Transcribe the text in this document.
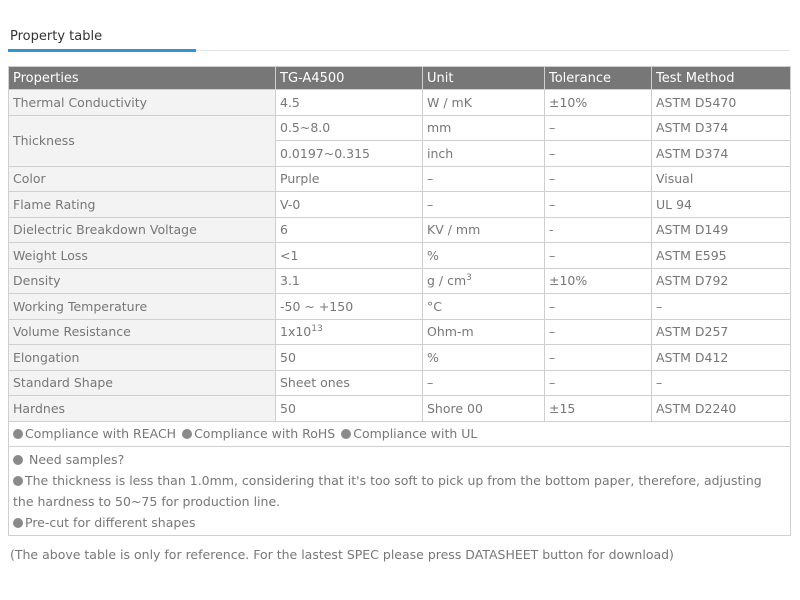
Property table
Properties	TG-A4500	Unit	Tolerance	Test Method
Thermal Conductivity	4.5	W / mK	±10%	ASTM D5470
Thickness	0.5~8.0	mm	–	ASTM D374
	0.0197~0.315	inch	–	ASTM D374
Color	Purple	–	–	Visual
Flame Rating	V-0	–	–	UL 94
Dielectric Breakdown Voltage	6	KV / mm	-	ASTM D149
Weight Loss	<1	%	–	ASTM E595
Density	3.1	g / $cm^3$	±10%	ASTM D792
Working Temperature	-50 ~ +150	°C	–	–
Volume Resistance	$1x10^{13}$	Ohm-m	–	ASTM D257
Elongation	50	%	–	ASTM D412
Standard Shape	Sheet ones	–	–	–
Hardnes	50	Shore 00	±15	ASTM D2240
Compliance with REACH Compliance with RoHS Compliance with UL				

Need samples?
The thickness is less than 1.0mm, considering that it's too soft to pick up from the bottom paper, therefore, adjusting the hardness to 50~75 for production line.
Pre-cut for different shapes				
(The above table is only for reference. For the lastest SPEC please press DATASHEET button for download)
